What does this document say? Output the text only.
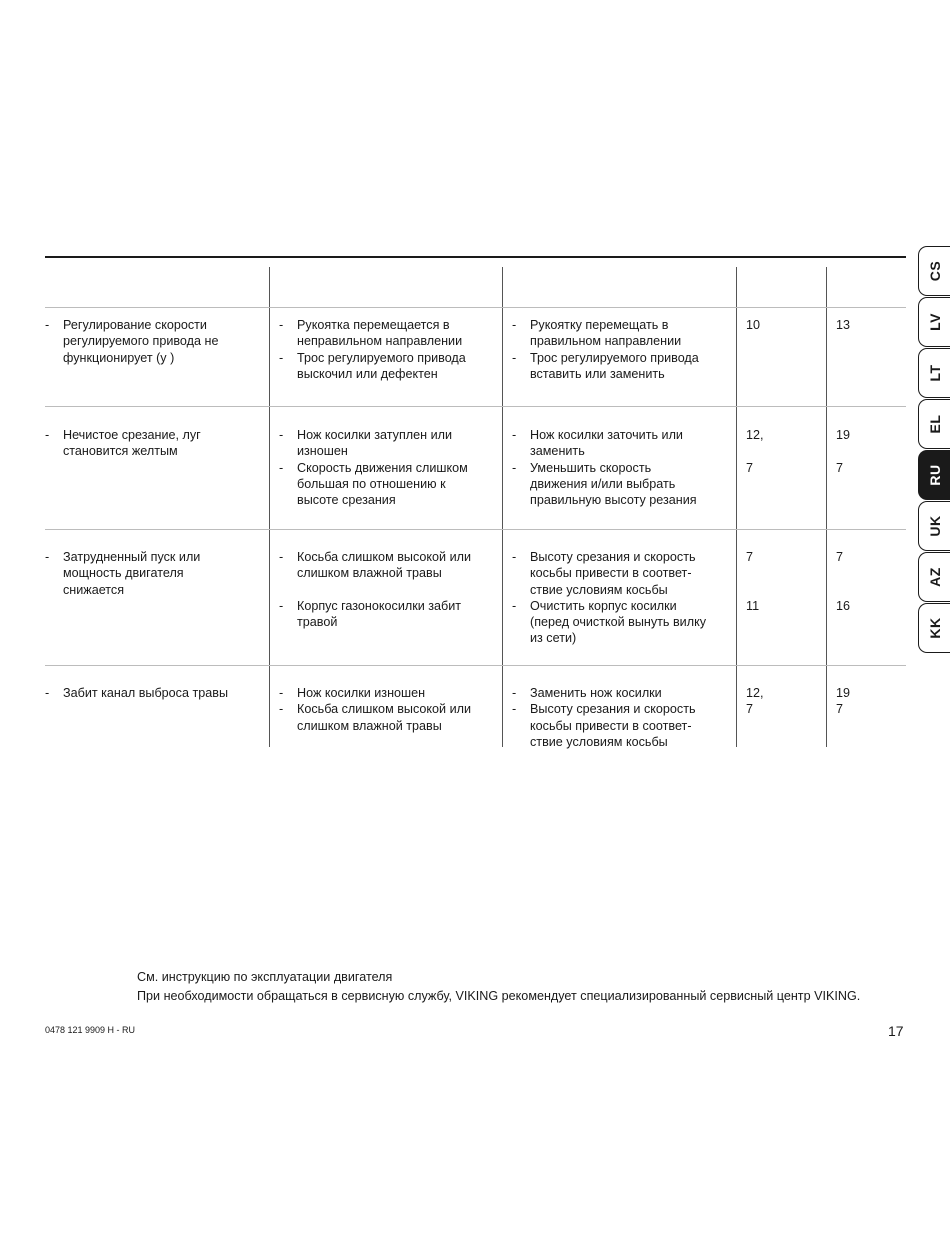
- Регулирование скорости
регулируемого привода не
функционирует (у )
- Рукоятка перемещается в
неправильном направлении
- Трос регулируемого привода
выскочил или дефектен
- Рукоятку перемещать в
правильном направлении
- Трос регулируемого привода
вставить или заменить
10	13
- Нечистое срезание, луг
становится желтым
- Нож косилки затуплен или
изношен
- Скорость движения слишком
большая по отношению к
высоте срезания
- Нож косилки заточить или
заменить
- Уменьшить скорость
движения и/или выбрать
правильную высоту резания
12,
7
19
7
- Затрудненный пуск или
мощность двигателя
снижается
- Косьба слишком высокой или
слишком влажной травы
- Корпус газонокосилки забит
травой
- Высоту срезания и скорость
косьбы привести в соответ-
ствие условиям косьбы
- Очистить корпус косилки
(перед очисткой вынуть вилку
из сети)
7
11
7
16
- Забит канал выброса травы
-	Нож косилки изношен
- Косьба слишком высокой или
слишком влажной травы
- Заменить нож косилки
- Высоту срезания и скорость
косьбы привести в соответ-
ствие условиям косьбы
12,
7
19
7
CS
LV
LT
EL
RU
UK
AZ
KK
См. инструкцию по эксплуатации двигателя
При необходимости обращаться в сервисную службу, VIKING рекомендует специализированный сервисный центр VIKING.
0478 121 9909 H - RU	17
